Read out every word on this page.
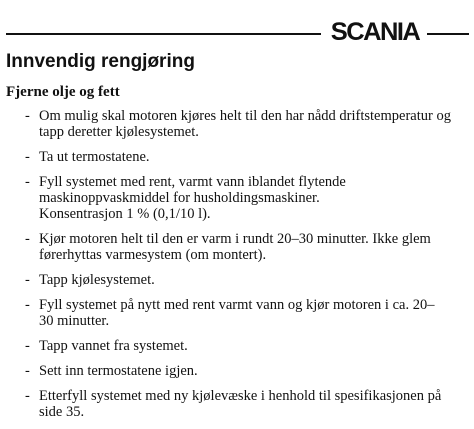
SCANIA
Innvendig rengjøring
Fjerne olje og fett
- Om mulig skal motoren kjøres helt til den har nådd driftstemperatur og
tapp deretter kjølesystemet.
- Ta ut termostatene.
- Fyll systemet med rent, varmt vann iblandet flytende
maskinoppvaskmiddel for husholdingsmaskiner.
Konsentrasjon 1 % (0,1/10 l).
- Kjør motoren helt til den er varm i rundt 20–30 minutter. Ikke glem
førerhyttas varmesystem (om montert).
- Tapp kjølesystemet.
- Fyll systemet på nytt med rent varmt vann og kjør motoren i ca. 20–
30 minutter.
- Tapp vannet fra systemet.
- Sett inn termostatene igjen.
- Etterfyll systemet med ny kjølevæske i henhold til spesifikasjonen på
side 35.
